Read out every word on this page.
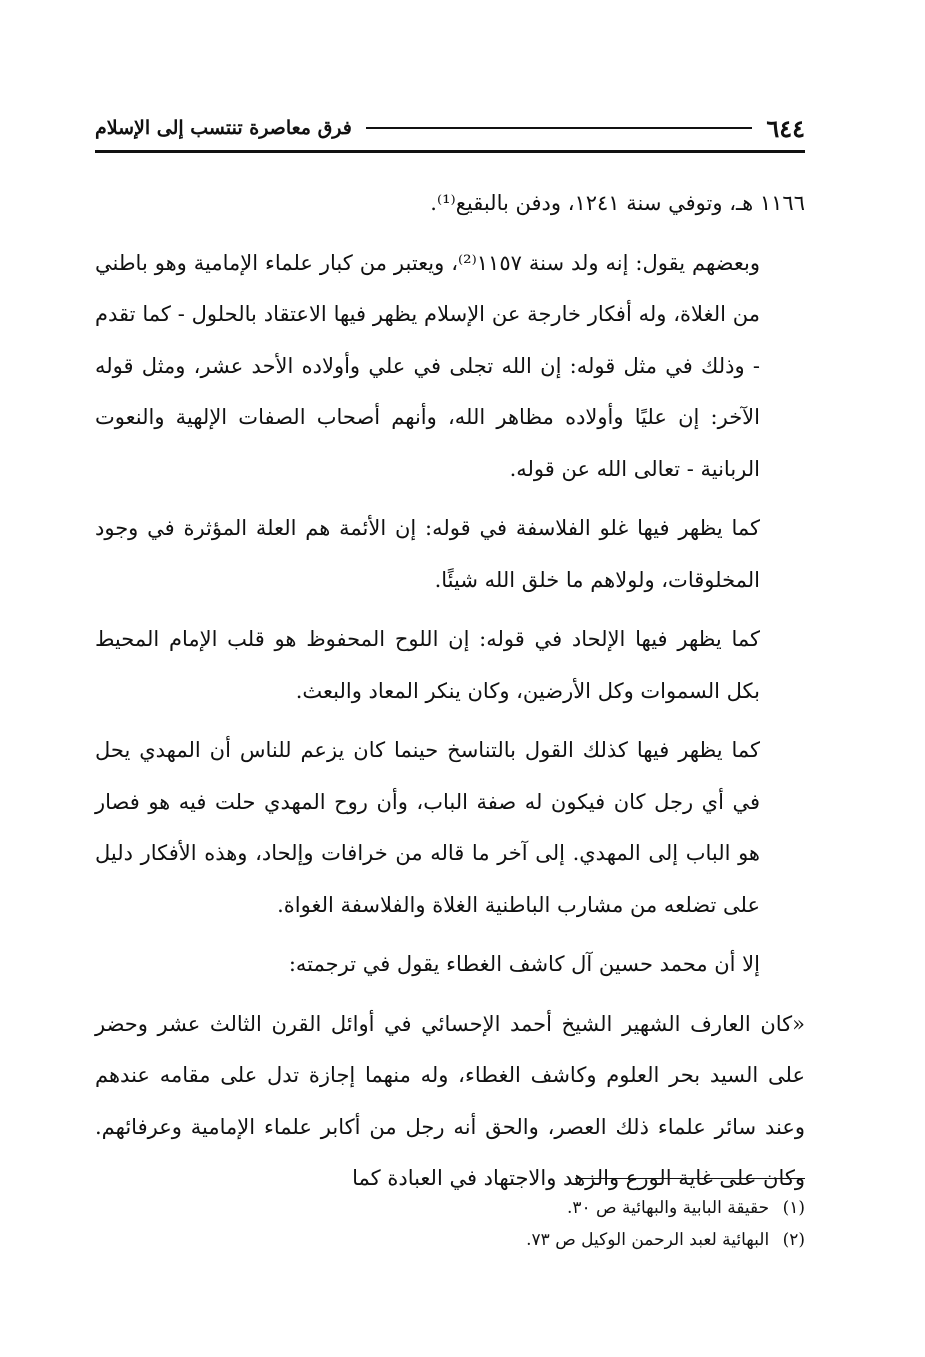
٦٤٤
فرق معاصرة تنتسب إلى الإسلام

١١٦٦ هـ، وتوفي سنة ١٢٤١، ودفن بالبقيع⁽¹⁾.

وبعضهم يقول: إنه ولد سنة ١١٥٧⁽²⁾، ويعتبر من كبار علماء الإمامية وهو باطني من الغلاة، وله أفكار خارجة عن الإسلام يظهر فيها الاعتقاد بالحلول - كما تقدم - وذلك في مثل قوله: إن الله تجلى في علي وأولاده الأحد عشر، ومثل قوله الآخر: إن عليًا وأولاده مظاهر الله، وأنهم أصحاب الصفات الإلهية والنعوت الربانية - تعالى الله عن قوله.

كما يظهر فيها غلو الفلاسفة في قوله: إن الأئمة هم العلة المؤثرة في وجود المخلوقات، ولولاهم ما خلق الله شيئًا.

كما يظهر فيها الإلحاد في قوله: إن اللوح المحفوظ هو قلب الإمام المحيط بكل السموات وكل الأرضين، وكان ينكر المعاد والبعث.

كما يظهر فيها كذلك القول بالتناسخ حينما كان يزعم للناس أن المهدي يحل في أي رجل كان فيكون له صفة الباب، وأن روح المهدي حلت فيه هو فصار هو الباب إلى المهدي. إلى آخر ما قاله من خرافات وإلحاد، وهذه الأفكار دليل على تضلعه من مشارب الباطنية الغلاة والفلاسفة الغواة.

إلا أن محمد حسين آل كاشف الغطاء يقول في ترجمته:

«كان العارف الشهير الشيخ أحمد الإحسائي في أوائل القرن الثالث عشر وحضر على السيد بحر العلوم وكاشف الغطاء، وله منهما إجازة تدل على مقامه عندهم وعند سائر علماء ذلك العصر، والحق أنه رجل من أكابر علماء الإمامية وعرفائهم. وكان على غاية الورع والزهد والاجتهاد في العبادة كما

(١) حقيقة البابية والبهائية ص ٣٠.

(٢) البهائية لعبد الرحمن الوكيل ص ٧٣.
